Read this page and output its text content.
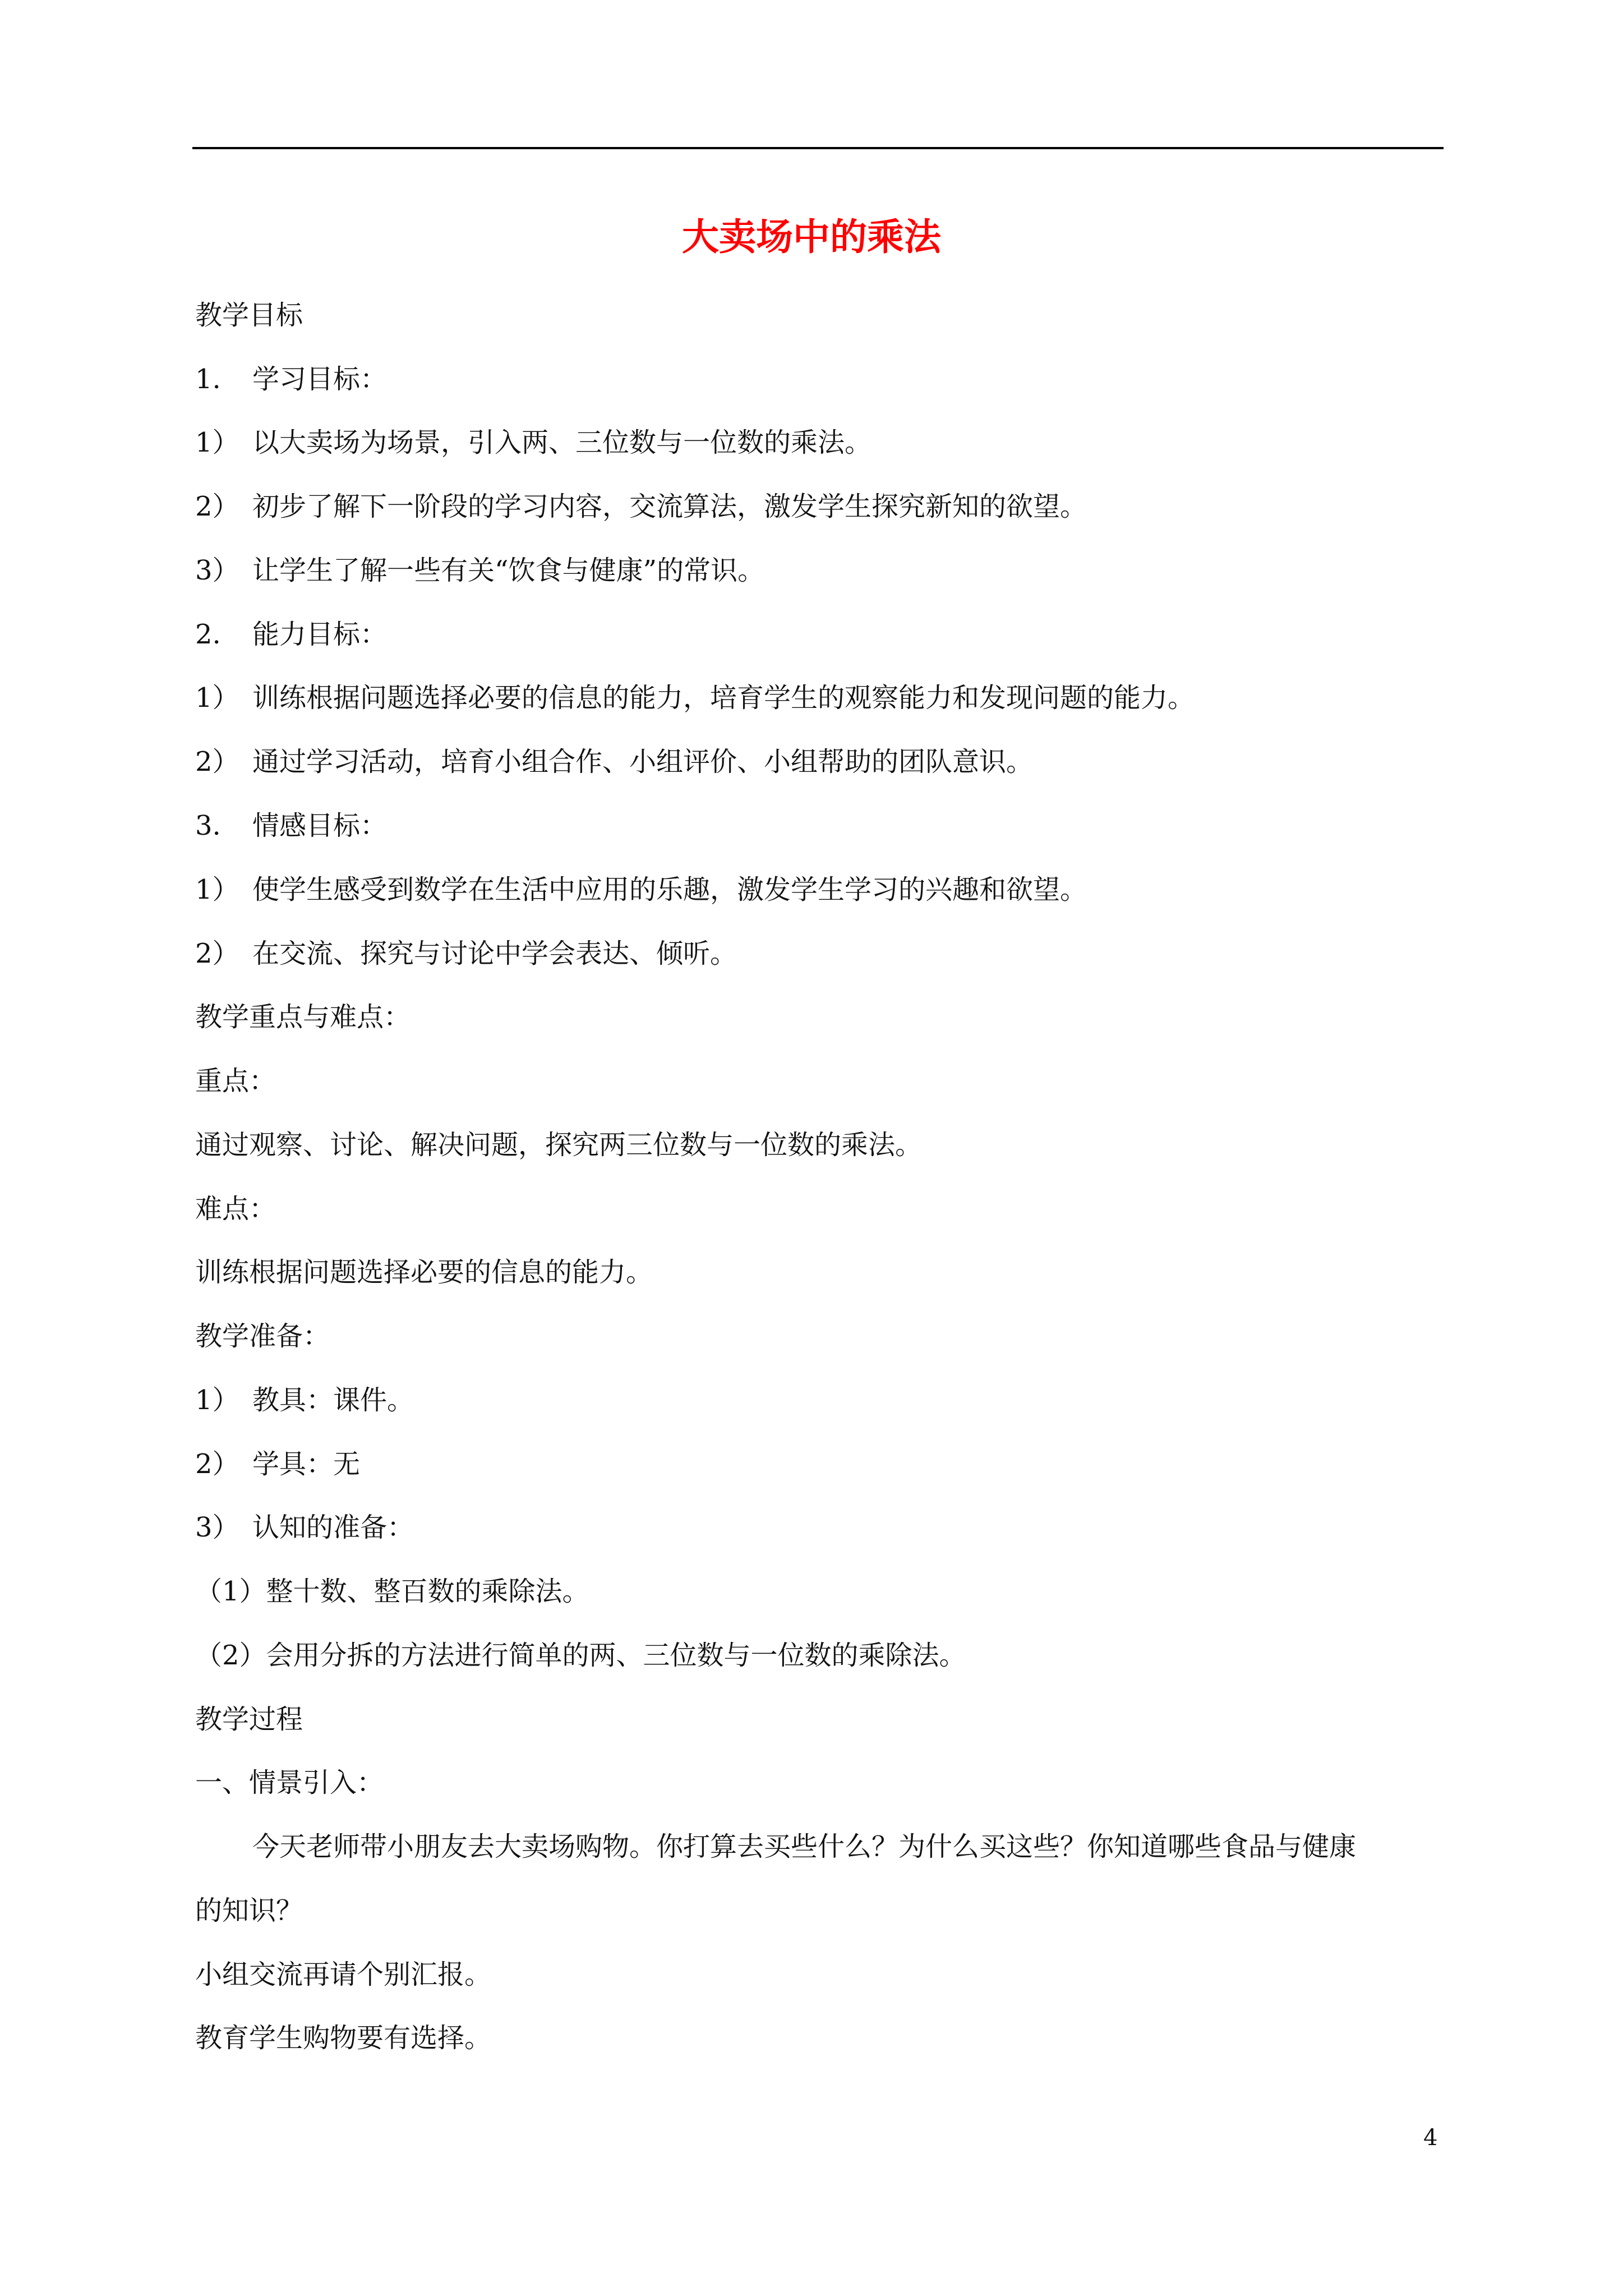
大卖场中的乘法
教学目标
1. 学习目标：
1） 以大卖场为场景，引入两、三位数与一位数的乘法。
2） 初步了解下一阶段的学习内容，交流算法，激发学生探究新知的欲望。
3） 让学生了解一些有关“饮食与健康”的常识。
2. 能力目标：
1） 训练根据问题选择必要的信息的能力，培育学生的观察能力和发现问题的能力。
2） 通过学习活动，培育小组合作、小组评价、小组帮助的团队意识。
3. 情感目标：
1） 使学生感受到数学在生活中应用的乐趣，激发学生学习的兴趣和欲望。
2） 在交流、探究与讨论中学会表达、倾听。
教学重点与难点：
重点：
通过观察、讨论、解决问题，探究两三位数与一位数的乘法。
难点：
训练根据问题选择必要的信息的能力。
教学准备：
1） 教具：课件。
2） 学具：无
3） 认知的准备：
（1）整十数、整百数的乘除法。
（2）会用分拆的方法进行简单的两、三位数与一位数的乘除法。
教学过程
一、情景引入：
今天老师带小朋友去大卖场购物。你打算去买些什么？为什么买这些？你知道哪些食品与健康
的知识？
小组交流再请个别汇报。
教育学生购物要有选择。
4
